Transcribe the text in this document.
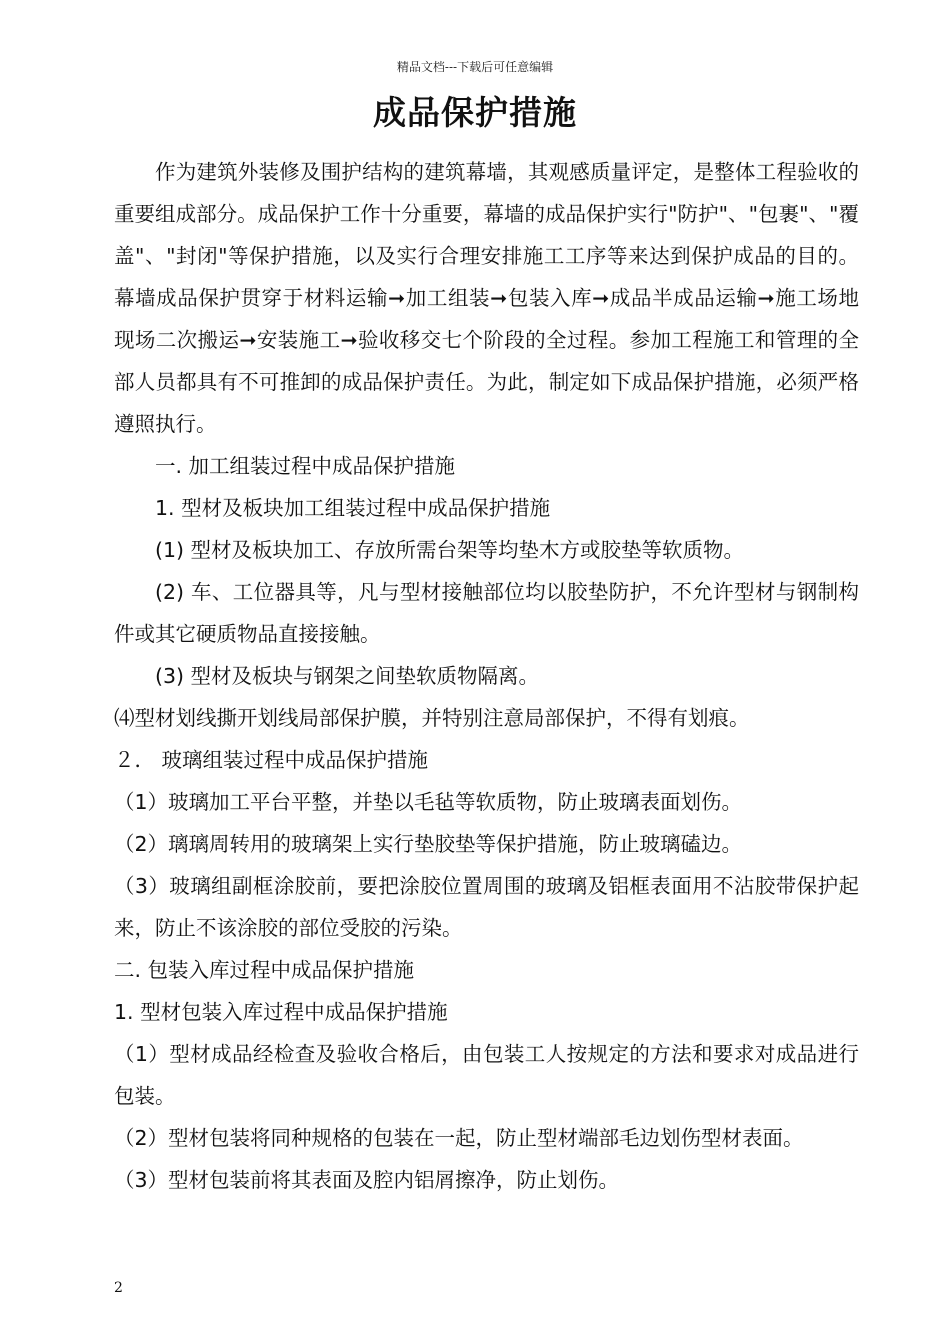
精品文档---下载后可任意编辑
成品保护措施

作为建筑外装修及围护结构的建筑幕墙，其观感质量评定，是整体工程验收的重要组成部分。成品保护工作十分重要，幕墙的成品保护实行"防护"、"包裹"、"覆盖"、"封闭"等保护措施，以及实行合理安排施工工序等来达到保护成品的目的。幕墙成品保护贯穿于材料运输➞加工组装➞包装入库➞成品半成品运输➞施工场地现场二次搬运➞安装施工➞验收移交七个阶段的全过程。参加工程施工和管理的全部人员都具有不可推卸的成品保护责任。为此，制定如下成品保护措施，必须严格遵照执行。

一. 加工组装过程中成品保护措施

1. 型材及板块加工组装过程中成品保护措施

(1) 型材及板块加工、存放所需台架等均垫木方或胶垫等软质物。

(2) 车、工位器具等，凡与型材接触部位均以胶垫防护，不允许型材与钢制构件或其它硬质物品直接接触。

(3) 型材及板块与钢架之间垫软质物隔离。

⑷型材划线撕开划线局部保护膜，并特别注意局部保护，不得有划痕。

２． 玻璃组装过程中成品保护措施

（1）玻璃加工平台平整，并垫以毛毡等软质物，防止玻璃表面划伤。

（2）璃璃周转用的玻璃架上实行垫胶垫等保护措施，防止玻璃磕边。

（3）玻璃组副框涂胶前，要把涂胶位置周围的玻璃及铝框表面用不沾胶带保护起来，防止不该涂胶的部位受胶的污染。

二. 包装入库过程中成品保护措施

1. 型材包装入库过程中成品保护措施

（1）型材成品经检查及验收合格后，由包装工人按规定的方法和要求对成品进行包装。

（2）型材包装将同种规格的包装在一起，防止型材端部毛边划伤型材表面。

（3）型材包装前将其表面及腔内铝屑擦净，防止划伤。

2
